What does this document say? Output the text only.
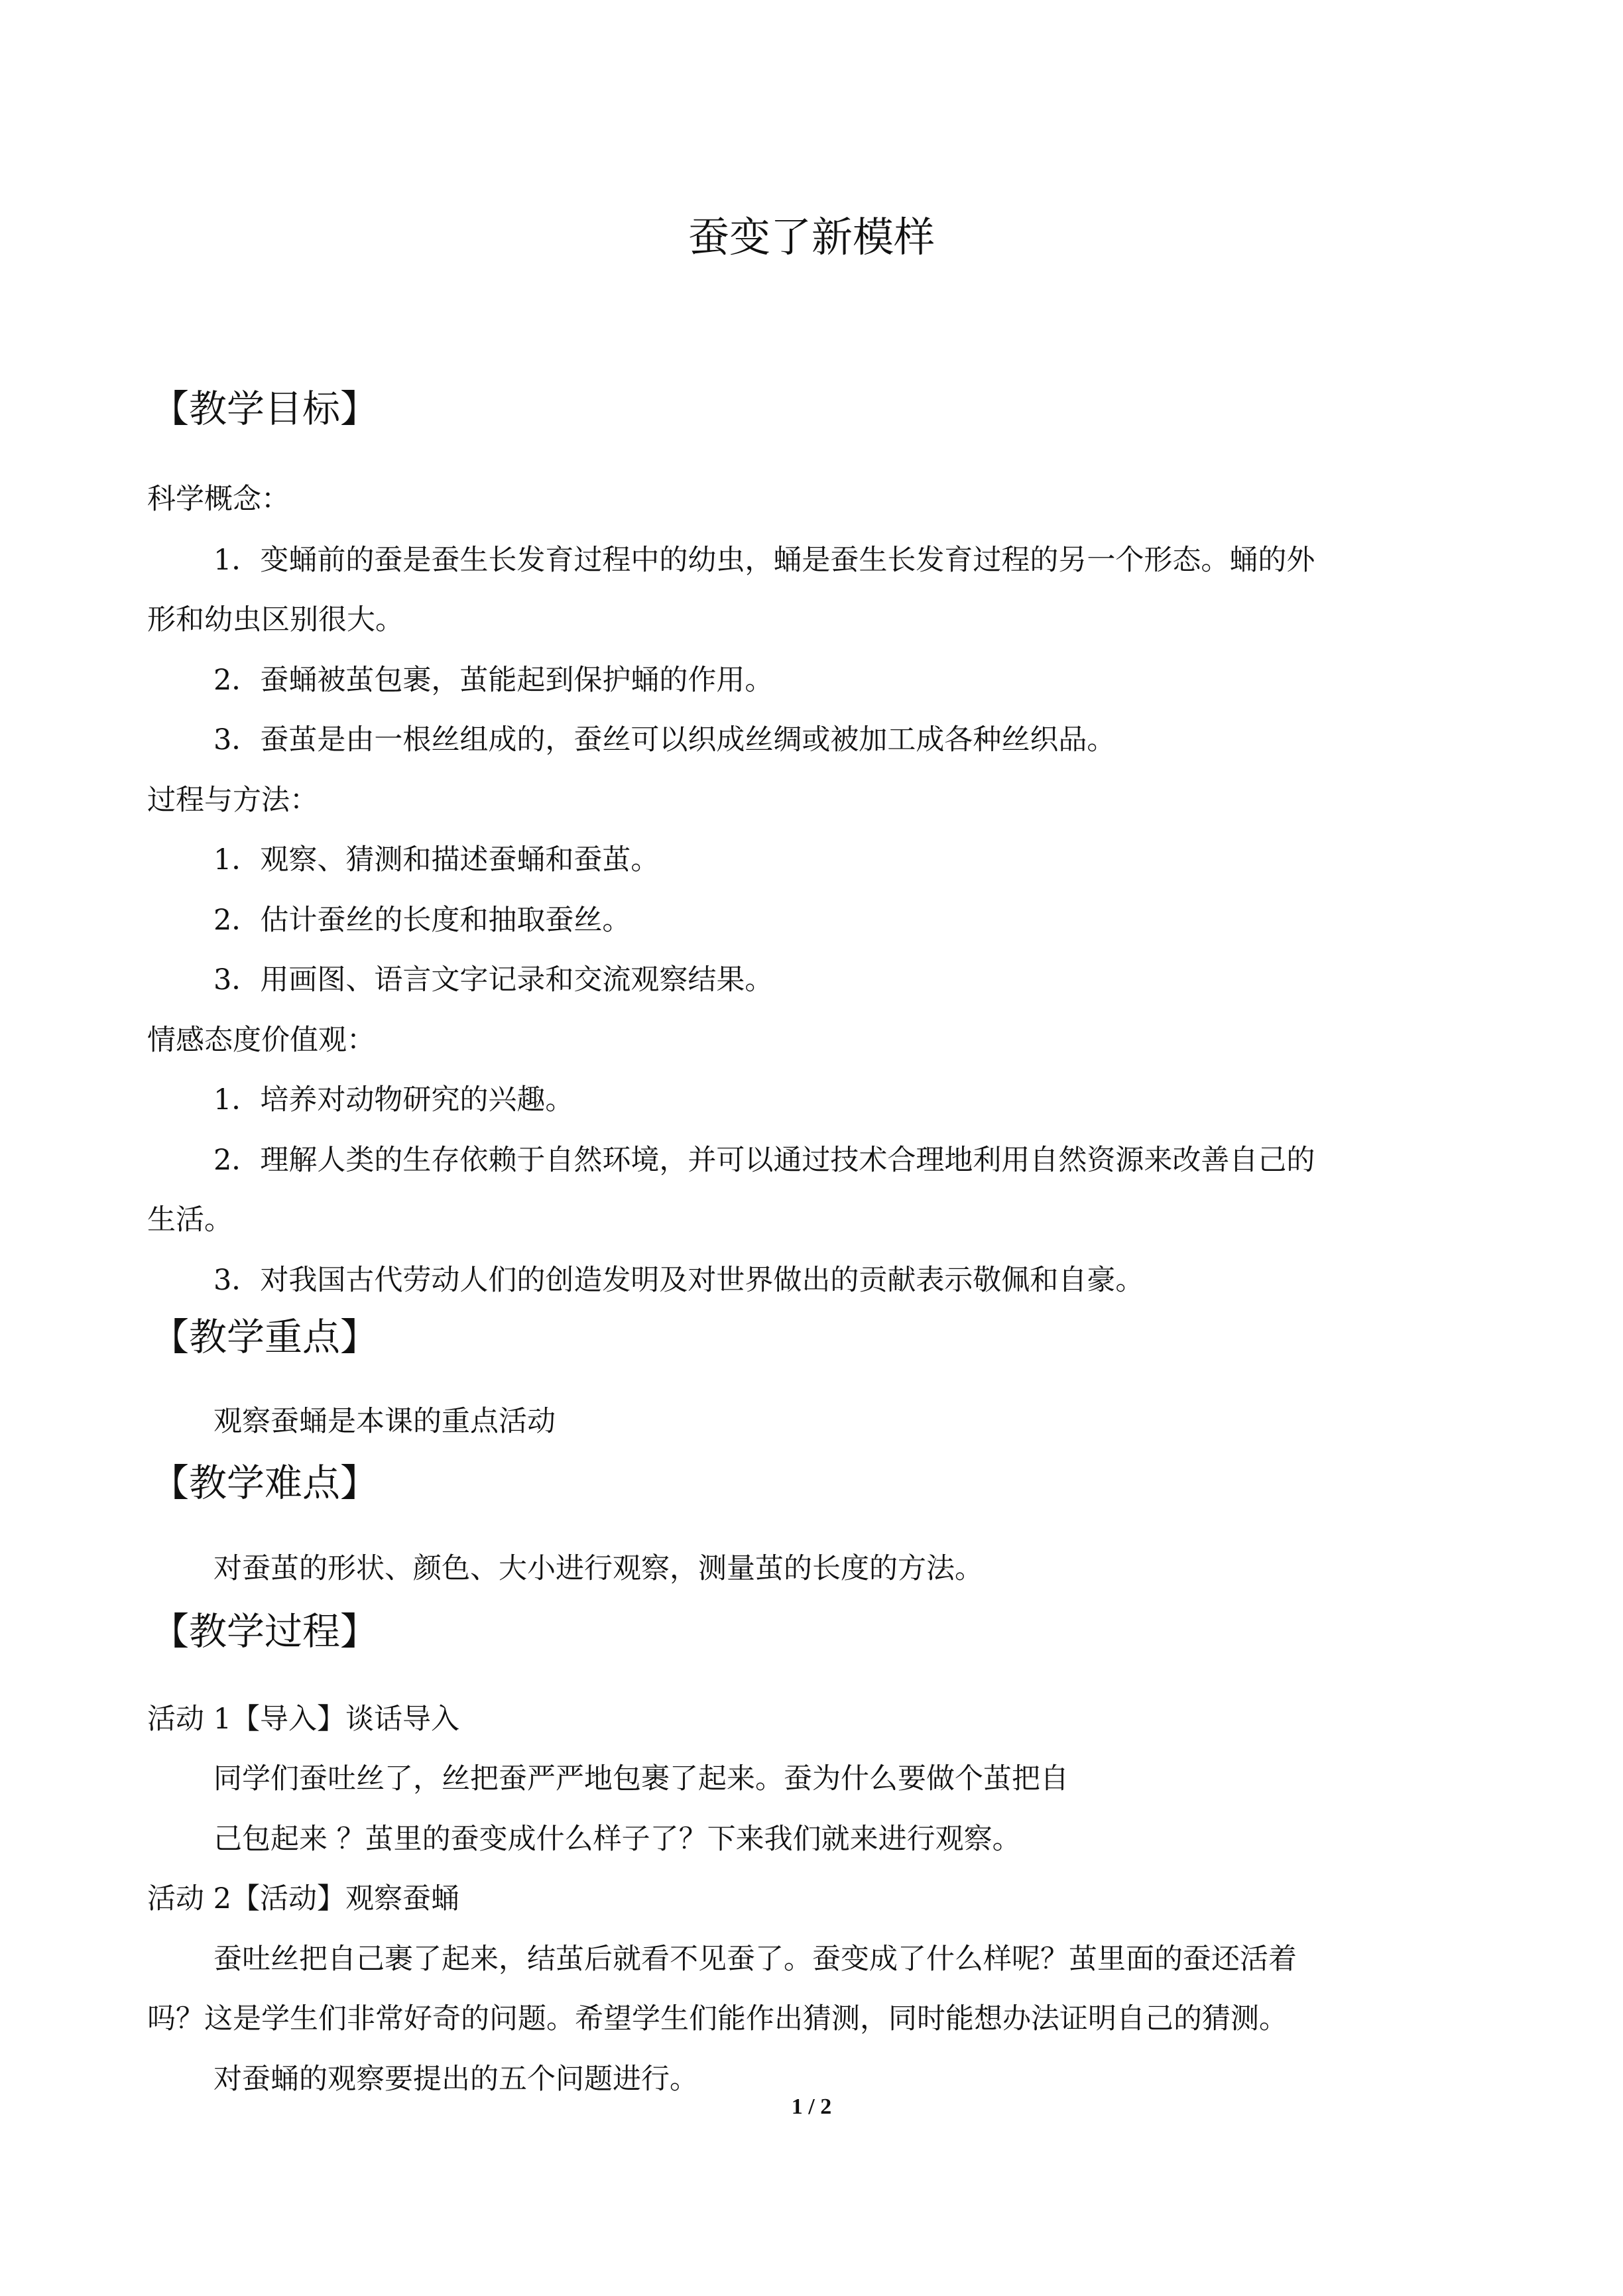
蚕变了新模样
【教学目标】
科学概念：
1．变蛹前的蚕是蚕生长发育过程中的幼虫，蛹是蚕生长发育过程的另一个形态。蛹的外
形和幼虫区别很大。
2．蚕蛹被茧包裹，茧能起到保护蛹的作用。
3．蚕茧是由一根丝组成的，蚕丝可以织成丝绸或被加工成各种丝织品。
过程与方法：
1．观察、猜测和描述蚕蛹和蚕茧。
2．估计蚕丝的长度和抽取蚕丝。
3．用画图、语言文字记录和交流观察结果。
情感态度价值观：
1．培养对动物研究的兴趣。
2．理解人类的生存依赖于自然环境，并可以通过技术合理地利用自然资源来改善自己的
生活。
3．对我国古代劳动人们的创造发明及对世界做出的贡献表示敬佩和自豪。
【教学重点】
观察蚕蛹是本课的重点活动
【教学难点】
对蚕茧的形状、颜色、大小进行观察，测量茧的长度的方法。
【教学过程】
活动 1【导入】谈话导入
同学们蚕吐丝了，丝把蚕严严地包裹了起来。蚕为什么要做个茧把自
己包起来 ？茧里的蚕变成什么样子了？下来我们就来进行观察。
活动 2【活动】观察蚕蛹
蚕吐丝把自己裹了起来，结茧后就看不见蚕了。蚕变成了什么样呢？茧里面的蚕还活着
吗？这是学生们非常好奇的问题。希望学生们能作出猜测，同时能想办法证明自己的猜测。
对蚕蛹的观察要提出的五个问题进行。
1 / 2
